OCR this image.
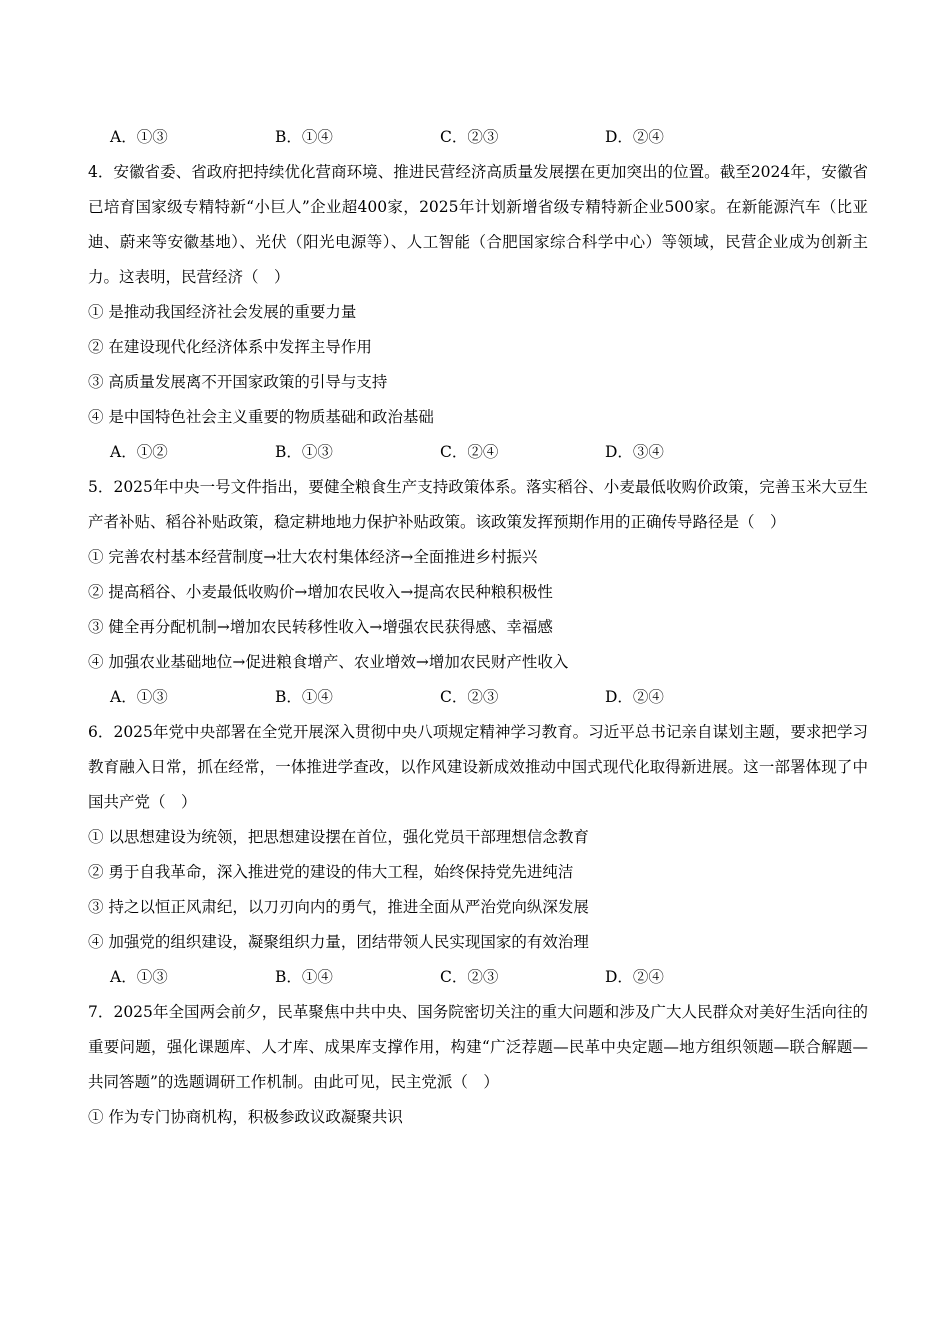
A．①③	B．①④	C．②③	D．②④
4．安徽省委、省政府把持续优化营商环境、推进民营经济高质量发展摆在更加突出的位置。截至2024年，安徽省已培育国家级专精特新“小巨人”企业超400家，2025年计划新增省级专精特新企业500家。在新能源汽车（比亚迪、蔚来等安徽基地）、光伏（阳光电源等）、人工智能（合肥国家综合科学中心）等领域，民营企业成为创新主力。这表明，民营经济（　）
① 是推动我国经济社会发展的重要力量
② 在建设现代化经济体系中发挥主导作用
③ 高质量发展离不开国家政策的引导与支持
④ 是中国特色社会主义重要的物质基础和政治基础
A．①②	B．①③	C．②④	D．③④
5．2025年中央一号文件指出，要健全粮食生产支持政策体系。落实稻谷、小麦最低收购价政策，完善玉米大豆生产者补贴、稻谷补贴政策，稳定耕地地力保护补贴政策。该政策发挥预期作用的正确传导路径是（　）
① 完善农村基本经营制度→壮大农村集体经济→全面推进乡村振兴
② 提高稻谷、小麦最低收购价→增加农民收入→提高农民种粮积极性
③ 健全再分配机制→增加农民转移性收入→增强农民获得感、幸福感
④ 加强农业基础地位→促进粮食增产、农业增效→增加农民财产性收入
A．①③	B．①④	C．②③	D．②④
6．2025年党中央部署在全党开展深入贯彻中央八项规定精神学习教育。习近平总书记亲自谋划主题，要求把学习教育融入日常，抓在经常，一体推进学查改，以作风建设新成效推动中国式现代化取得新进展。这一部署体现了中国共产党（　）
① 以思想建设为统领，把思想建设摆在首位，强化党员干部理想信念教育
② 勇于自我革命，深入推进党的建设的伟大工程，始终保持党先进纯洁
③ 持之以恒正风肃纪，以刀刃向内的勇气，推进全面从严治党向纵深发展
④ 加强党的组织建设，凝聚组织力量，团结带领人民实现国家的有效治理
A．①③	B．①④	C．②③	D．②④
7．2025年全国两会前夕，民革聚焦中共中央、国务院密切关注的重大问题和涉及广大人民群众对美好生活向往的重要问题，强化课题库、人才库、成果库支撑作用，构建“广泛荐题—民革中央定题—地方组织领题—联合解题—共同答题”的选题调研工作机制。由此可见，民主党派（　）
① 作为专门协商机构，积极参政议政凝聚共识
